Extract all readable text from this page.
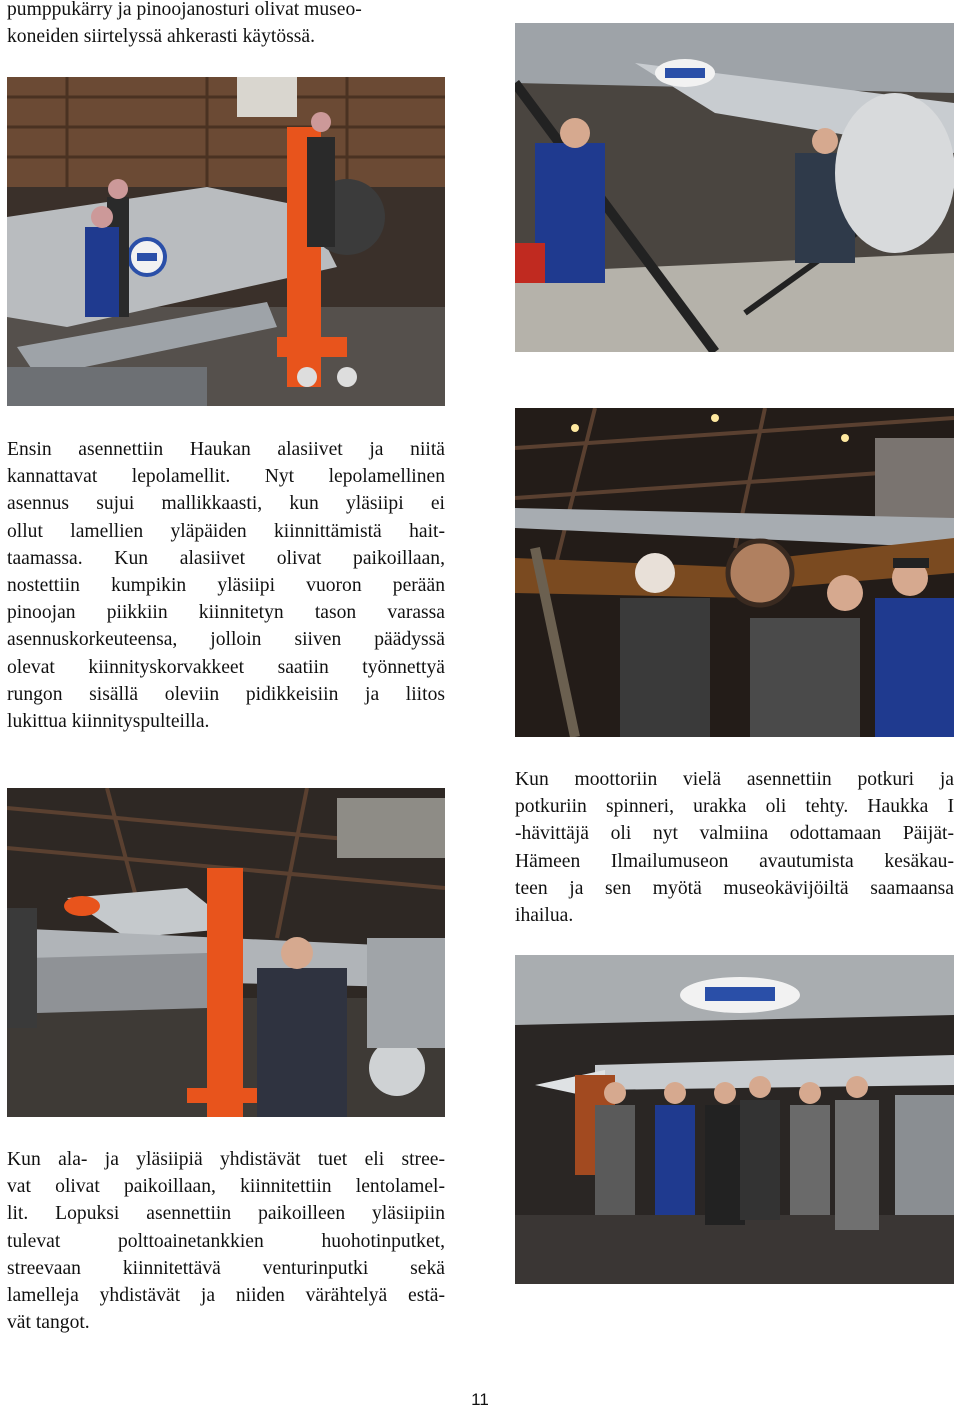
pumppukärry ja pinoojanosturi olivat museo-
koneiden siirtelyssä ahkerasti käytössä.
Ensin asennettiin Haukan alasiivet ja niitä
kannattavat lepolamellit. Nyt lepolamellinen
asennus sujui mallikkaasti, kun yläsiipi ei
ollut lamellien yläpäiden kiinnittämistä hait-
taamassa. Kun alasiivet olivat paikoillaan,
nostettiin kumpikin yläsiipi vuoron perään
pinoojan piikkiin kiinnitetyn tason varassa
asennuskorkeuteensa, jolloin siiven päädyssä
olevat kiinnityskorvakkeet saatiin työnnettyä
rungon sisällä oleviin pidikkeisiin ja liitos
lukittua kiinnityspulteilla.
Kun moottoriin vielä asennettiin potkuri ja
potkuriin spinneri, urakka oli tehty. Haukka I
-hävittäjä oli nyt valmiina odottamaan Päijät-
Hämeen Ilmailumuseon avautumista kesäkau-
teen ja sen myötä museokävijöiltä saamaansa
ihailua.
Kun ala- ja yläsiipiä yhdistävät tuet eli stree-
vat olivat paikoillaan, kiinnitettiin lentolamel-
lit. Lopuksi asennettiin paikoilleen yläsiipiin
tulevat polttoainetankkien huohotinputket,
streevaan kiinnitettävä venturinputki sekä
lamelleja yhdistävät ja niiden värähtelyä estä-
vät tangot.
11
